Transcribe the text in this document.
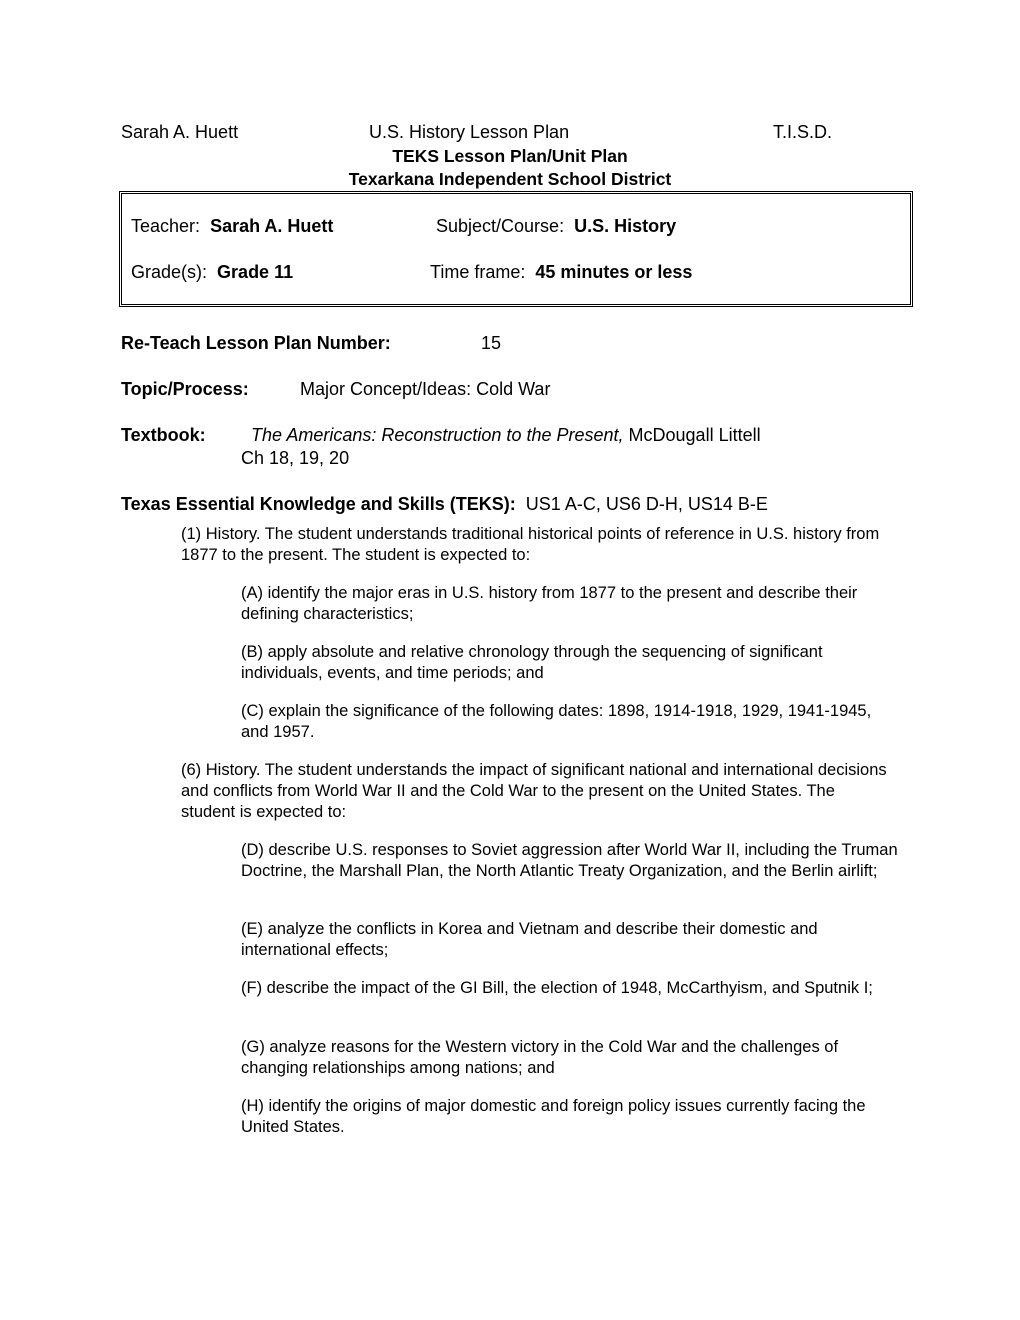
Sarah A. Huett	U.S. History Lesson Plan	T.I.S.D.
TEKS Lesson Plan/Unit Plan
Texarkana Independent School District
Teacher: Sarah A. Huett	Subject/Course: U.S. History
Grade(s): Grade 11	Time frame: 45 minutes or less
Re-Teach Lesson Plan Number:	15
Topic/Process:	Major Concept/Ideas: Cold War
Textbook:	The Americans: Reconstruction to the Present, McDougall Littell
Ch 18, 19, 20
Texas Essential Knowledge and Skills (TEKS): US1 A-C, US6 D-H, US14 B-E
(1) History. The student understands traditional historical points of reference in U.S. history from 1877 to the present. The student is expected to:
(A) identify the major eras in U.S. history from 1877 to the present and describe their defining characteristics;
(B) apply absolute and relative chronology through the sequencing of significant individuals, events, and time periods; and
(C) explain the significance of the following dates: 1898, 1914-1918, 1929, 1941-1945, and 1957.
(6) History. The student understands the impact of significant national and international decisions and conflicts from World War II and the Cold War to the present on the United States. The student is expected to:
(D) describe U.S. responses to Soviet aggression after World War II, including the Truman Doctrine, the Marshall Plan, the North Atlantic Treaty Organization, and the Berlin airlift;
(E) analyze the conflicts in Korea and Vietnam and describe their domestic and international effects;
(F) describe the impact of the GI Bill, the election of 1948, McCarthyism, and Sputnik I;
(G) analyze reasons for the Western victory in the Cold War and the challenges of changing relationships among nations; and
(H) identify the origins of major domestic and foreign policy issues currently facing the United States.
